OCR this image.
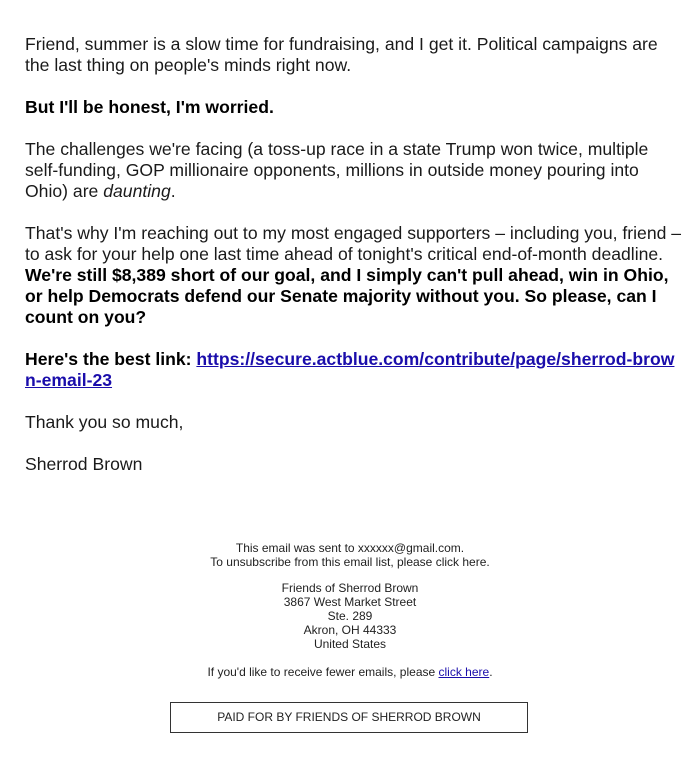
Friend, summer is a slow time for fundraising, and I get it. Political campaigns are the last thing on people's minds right now.

But I'll be honest, I'm worried.

The challenges we're facing (a toss-up race in a state Trump won twice, multiple self-funding, GOP millionaire opponents, millions in outside money pouring into Ohio) are daunting.

That's why I'm reaching out to my most engaged supporters – including you, friend – to ask for your help one last time ahead of tonight's critical end-of-month deadline. We're still $8,389 short of our goal, and I simply can't pull ahead, win in Ohio, or help Democrats defend our Senate majority without you. So please, can I count on you?

Here's the best link: https://secure.actblue.com/contribute/page/sherrod-brown-email-23

Thank you so much,

Sherrod Brown

This email was sent to xxxxxx@gmail.com.

To unsubscribe from this email list, please click here.

Friends of Sherrod Brown

3867 West Market Street

Ste. 289

Akron, OH 44333

United States

If you'd like to receive fewer emails, please click here.

PAID FOR BY FRIENDS OF SHERROD BROWN
